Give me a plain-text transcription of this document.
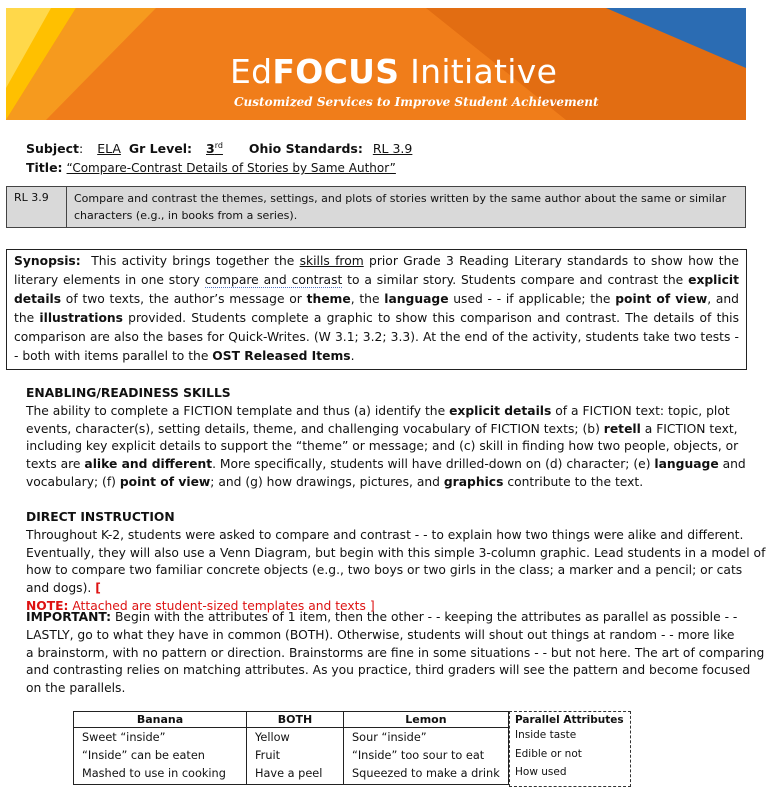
EdFOCUS Initiative
Customized Services to Improve Student Achievement
Subject: ELA Gr Level: 3rd Ohio Standards: RL 3.9
Title: “Compare-Contrast Details of Stories by Same Author”
RL 3.9 Compare and contrast the themes, settings, and plots of stories written by the same author about the same or similar characters (e.g., in books from a series).
Synopsis: This activity brings together the skills from prior Grade 3 Reading Literary standards to show how the literary elements in one story compare and contrast to a similar story. Students compare and contrast the explicit details of two texts, the author’s message or theme, the language used - - if applicable; the point of view, and the illustrations provided. Students complete a graphic to show this comparison and contrast. The details of this comparison are also the bases for Quick-Writes. (W 3.1; 3.2; 3.3). At the end of the activity, students take two tests - - both with items parallel to the OST Released Items.
ENABLING/READINESS SKILLS
The ability to complete a FICTION template and thus (a) identify the explicit details of a FICTION text: topic, plot events, character(s), setting details, theme, and challenging vocabulary of FICTION texts; (b) retell a FICTION text, including key explicit details to support the “theme” or message; and (c) skill in finding how two people, objects, or texts are alike and different. More specifically, students will have drilled-down on (d) character; (e) language and vocabulary; (f) point of view; and (g) how drawings, pictures, and graphics contribute to the text.
DIRECT INSTRUCTION
Throughout K-2, students were asked to compare and contrast - - to explain how two things were alike and different. Eventually, they will also use a Venn Diagram, but begin with this simple 3-column graphic. Lead students in a model of how to compare two familiar concrete objects (e.g., two boys or two girls in the class; a marker and a pencil; or cats and dogs). [
NOTE: Attached are student-sized templates and texts ]
IMPORTANT: Begin with the attributes of 1 item, then the other - - keeping the attributes as parallel as possible - - LASTLY, go to what they have in common (BOTH). Otherwise, students will shout out things at random - - more like
a brainstorm, with no pattern or direction. Brainstorms are fine in some situations - - but not here. The art of comparing and contrasting relies on matching attributes. As you practice, third graders will see the pattern and become focused on the parallels.
Banana	BOTH	Lemon
Sweet “inside”	Yellow	Sour “inside”
“Inside” can be eaten	Fruit	“Inside” too sour to eat
Mashed to use in cooking	Have a peel	Squeezed to make a drink
Parallel Attributes
Inside taste
Edible or not
How used
